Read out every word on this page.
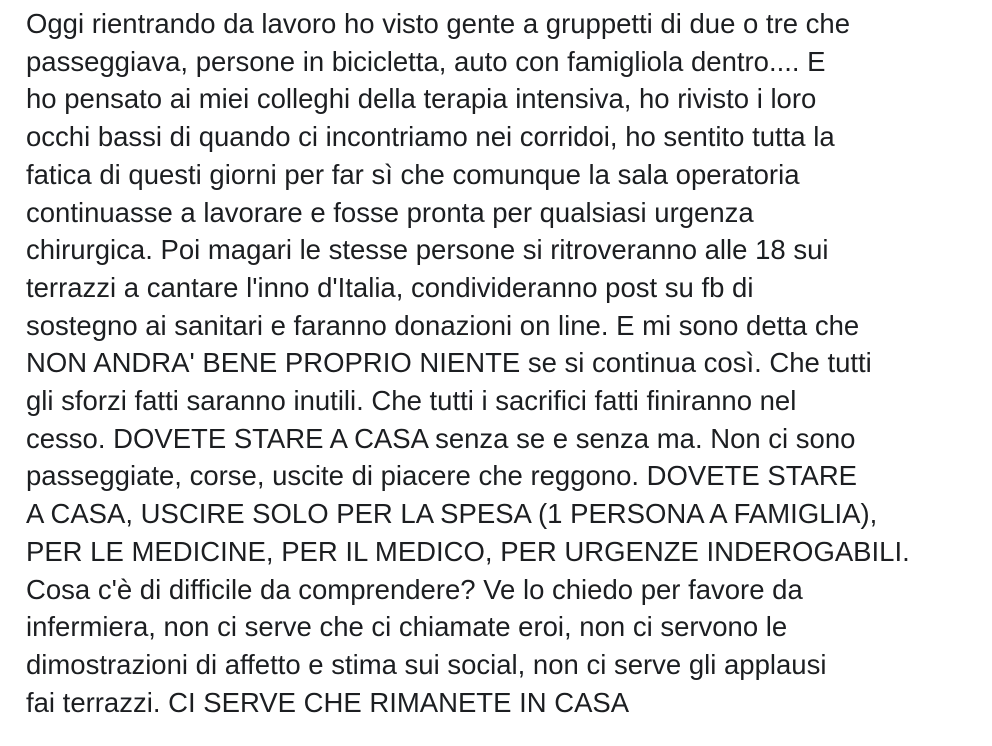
Oggi rientrando da lavoro ho visto gente a gruppetti di due o tre che
passeggiava, persone in bicicletta, auto con famigliola dentro.... E
ho pensato ai miei colleghi della terapia intensiva, ho rivisto i loro
occhi bassi di quando ci incontriamo nei corridoi, ho sentito tutta la
fatica di questi giorni per far sì che comunque la sala operatoria
continuasse a lavorare e fosse pronta per qualsiasi urgenza
chirurgica. Poi magari le stesse persone si ritroveranno alle 18 sui
terrazzi a cantare l'inno d'Italia, condivideranno post su fb di
sostegno ai sanitari e faranno donazioni on line. E mi sono detta che
NON ANDRA' BENE PROPRIO NIENTE se si continua così. Che tutti
gli sforzi fatti saranno inutili. Che tutti i sacrifici fatti finiranno nel
cesso. DOVETE STARE A CASA senza se e senza ma. Non ci sono
passeggiate, corse, uscite di piacere che reggono. DOVETE STARE
A CASA, USCIRE SOLO PER LA SPESA (1 PERSONA A FAMIGLIA),
PER LE MEDICINE, PER IL MEDICO, PER URGENZE INDEROGABILI.
Cosa c'è di difficile da comprendere? Ve lo chiedo per favore da
infermiera, non ci serve che ci chiamate eroi, non ci servono le
dimostrazioni di affetto e stima sui social, non ci serve gli applausi
fai terrazzi. CI SERVE CHE RIMANETE IN CASA
